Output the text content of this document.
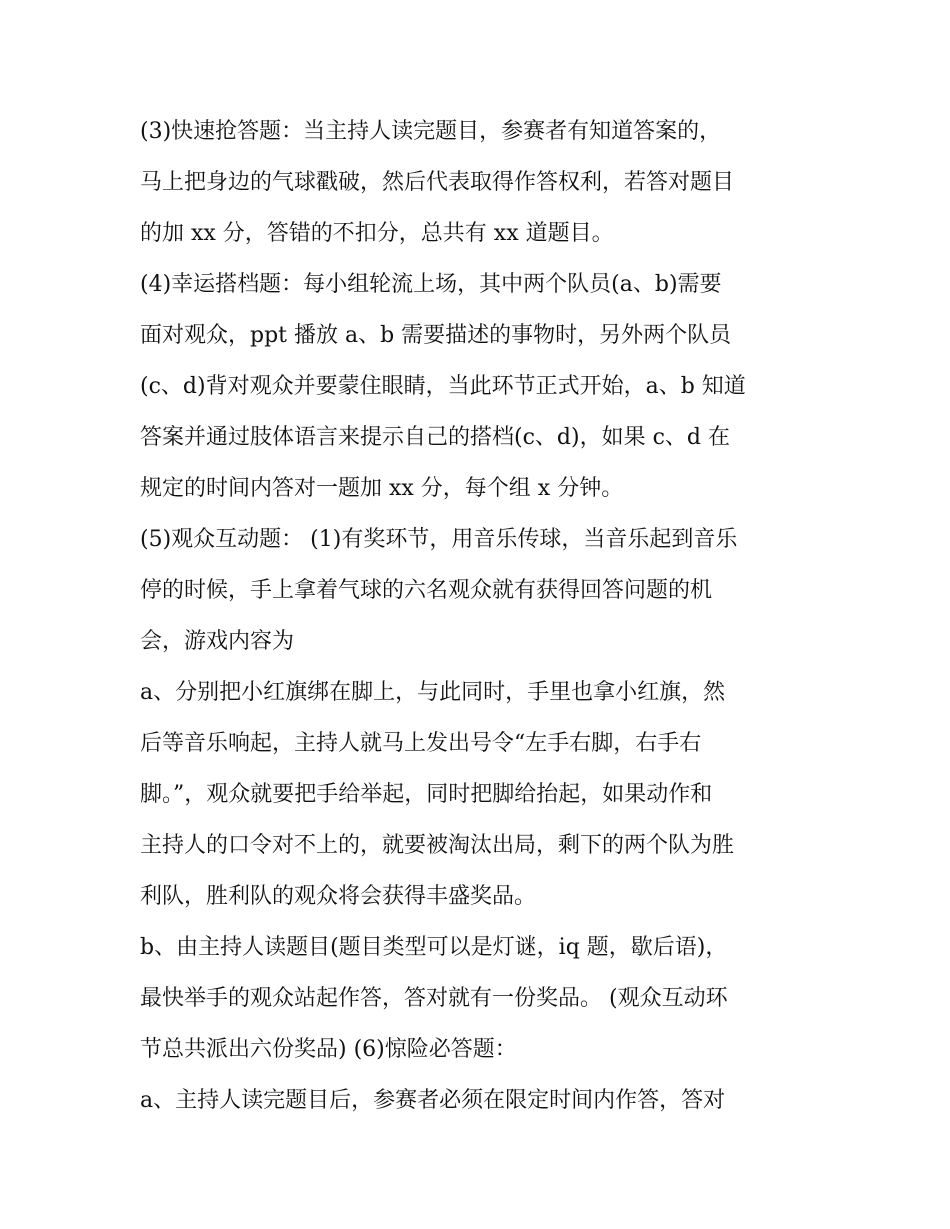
(3)快速抢答题：当主持人读完题目，参赛者有知道答案的，
马上把身边的气球戳破，然后代表取得作答权利，若答对题目
的加 xx 分，答错的不扣分，总共有 xx 道题目。
(4)幸运搭档题：每小组轮流上场，其中两个队员(a、b)需要
面对观众，ppt 播放 a、b 需要描述的事物时，另外两个队员
(c、d)背对观众并要蒙住眼睛，当此环节正式开始，a、b 知道
答案并通过肢体语言来提示自己的搭档(c、d)，如果 c、d 在
规定的时间内答对一题加 xx 分，每个组 x 分钟。
(5)观众互动题： (1)有奖环节，用音乐传球，当音乐起到音乐
停的时候，手上拿着气球的六名观众就有获得回答问题的机
会，游戏内容为
a、分别把小红旗绑在脚上，与此同时，手里也拿小红旗，然
后等音乐响起，主持人就马上发出号令“左手右脚，右手右
脚。”，观众就要把手给举起，同时把脚给抬起，如果动作和
主持人的口令对不上的，就要被淘汰出局，剩下的两个队为胜
利队，胜利队的观众将会获得丰盛奖品。
b、由主持人读题目(题目类型可以是灯谜，iq 题，歇后语)，
最快举手的观众站起作答，答对就有一份奖品。 (观众互动环
节总共派出六份奖品) (6)惊险必答题：
a、主持人读完题目后，参赛者必须在限定时间内作答，答对
